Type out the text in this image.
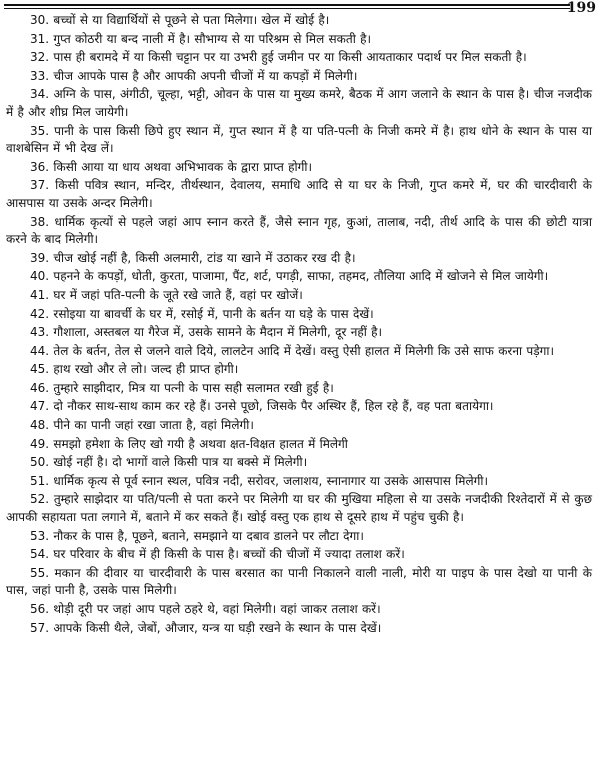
199

30. बच्चों से या विद्यार्थियों से पूछने से पता मिलेगा। खेल में खोई है।

31. गुप्त कोठरी या बन्द नाली में है। सौभाग्य से या परिश्रम से मिल सकती है।

32. पास ही बरामदे में या किसी चट्टान पर या उभरी हुई जमीन पर या किसी आयताकार पदार्थ पर मिल सकती है।

33. चीज आपके पास है और आपकी अपनी चीजों में या कपड़ों में मिलेगी।

34. अग्नि के पास, अंगीठी, चूल्हा, भट्टी, ओवन के पास या मुख्य कमरे, बैठक में आग जलाने के स्थान के पास है। चीज नजदीक में है और शीघ्र मिल जायेगी।

35. पानी के पास किसी छिपे हुए स्थान में, गुप्त स्थान में है या पति-पत्नी के निजी कमरे में है। हाथ धोने के स्थान के पास या वाशबेसिन में भी देख लें।

36. किसी आया या धाय अथवा अभिभावक के द्वारा प्राप्त होगी।

37. किसी पवित्र स्थान, मन्दिर, तीर्थस्थान, देवालय, समाधि आदि से या घर के निजी, गुप्त कमरे में, घर की चारदीवारी के आसपास या उसके अन्दर मिलेगी।

38. धार्मिक कृत्यों से पहले जहां आप स्नान करते हैं, जैसे स्नान गृह, कुआं, तालाब, नदी, तीर्थ आदि के पास की छोटी यात्रा करने के बाद मिलेगी।

39. चीज खोई नहीं है, किसी अलमारी, टांड या खाने में उठाकर रख दी है।

40. पहनने के कपड़ों, धोती, कुरता, पाजामा, पैंट, शर्ट, पगड़ी, साफा, तहमद, तौलिया आदि में खोजने से मिल जायेगी।

41. घर में जहां पति-पत्नी के जूते रखे जाते हैं, वहां पर खोजें।

42. रसोइया या बावर्ची के घर में, रसोई में, पानी के बर्तन या घड़े के पास देखें।

43. गौशाला, अस्तबल या गैरेज में, उसके सामने के मैदान में मिलेगी, दूर नहीं है।

44. तेल के बर्तन, तेल से जलने वाले दिये, लालटेन आदि में देखें। वस्तु ऐसी हालत में मिलेगी कि उसे साफ करना पड़ेगा।

45. हाथ रखो और ले लो। जल्द ही प्राप्त होगी।

46. तुम्हारे साझीदार, मित्र या पत्नी के पास सही सलामत रखी हुई है।

47. दो नौकर साथ-साथ काम कर रहे हैं। उनसे पूछो, जिसके पैर अस्थिर हैं, हिल रहे हैं, वह पता बतायेगा।

48. पीने का पानी जहां रखा जाता है, वहां मिलेगी।

49. समझो हमेशा के लिए खो गयी है अथवा क्षत-विक्षत हालत में मिलेगी

50. खोई नहीं है। दो भागों वाले किसी पात्र या बक्से में मिलेगी।

51. धार्मिक कृत्य से पूर्व स्नान स्थल, पवित्र नदी, सरोवर, जलाशय, स्नानागार या उसके आसपास मिलेगी।

52. तुम्हारे साझेदार या पति/पत्नी से पता करने पर मिलेगी या घर की मुखिया महिला से या उसके नजदीकी रिश्तेदारों में से कुछ आपकी सहायता पता लगाने में, बताने में कर सकते हैं। खोई वस्तु एक हाथ से दूसरे हाथ में पहुंच चुकी है।

53. नौकर के पास है, पूछने, बताने, समझाने या दबाव डालने पर लौटा देगा।

54. घर परिवार के बीच में ही किसी के पास है। बच्चों की चीजों में ज्यादा तलाश करें।

55. मकान की दीवार या चारदीवारी के पास बरसात का पानी निकालने वाली नाली, मोरी या पाइप के पास देखो या पानी के पास, जहां पानी है, उसके पास मिलेगी।

56. थोड़ी दूरी पर जहां आप पहले ठहरे थे, वहां मिलेगी। वहां जाकर तलाश करें।

57. आपके किसी थैले, जेबों, औजार, यन्त्र या घड़ी रखने के स्थान के पास देखें।
